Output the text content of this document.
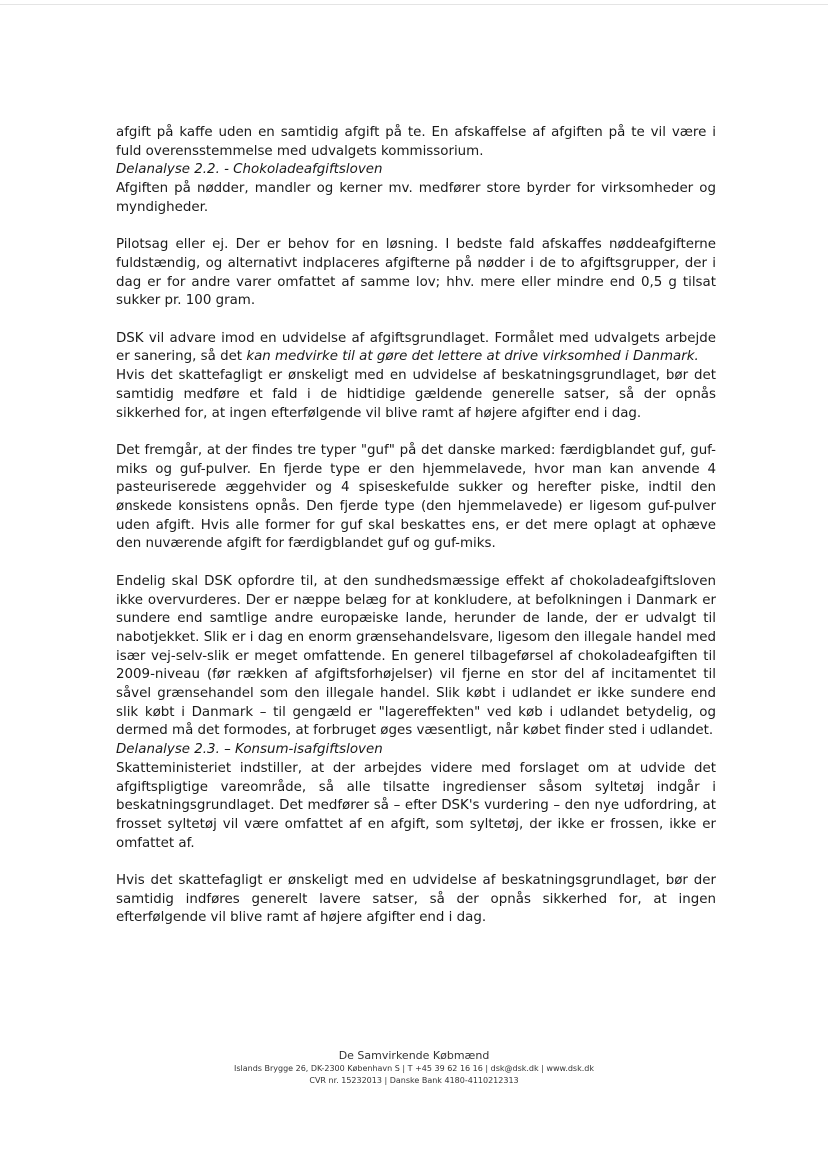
afgift på kaffe uden en samtidig afgift på te. En afskaffelse af afgiften på te vil være i fuld overensstemmelse med udvalgets kommissorium.

Delanalyse 2.2. - Chokoladeafgiftsloven

Afgiften på nødder, mandler og kerner mv. medfører store byrder for virksomheder og myndigheder.

Pilotsag eller ej. Der er behov for en løsning. I bedste fald afskaffes nøddeafgifterne fuldstændig, og alternativt indplaceres afgifterne på nødder i de to afgiftsgrupper, der i dag er for andre varer omfattet af samme lov; hhv. mere eller mindre end 0,5 g tilsat sukker pr. 100 gram.

DSK vil advare imod en udvidelse af afgiftsgrundlaget. Formålet med udvalgets arbejde er sanering, så det kan medvirke til at gøre det lettere at drive virksomhed i Danmark.

Hvis det skattefagligt er ønskeligt med en udvidelse af beskatningsgrundlaget, bør det samtidig medføre et fald i de hidtidige gældende generelle satser, så der opnås sikkerhed for, at ingen efterfølgende vil blive ramt af højere afgifter end i dag.

Det fremgår, at der findes tre typer "guf" på det danske marked: færdigblandet guf, guf-miks og guf-pulver. En fjerde type er den hjemmelavede, hvor man kan anvende 4 pasteuriserede æggehvider og 4 spiseskefulde sukker og herefter piske, indtil den ønskede konsistens opnås. Den fjerde type (den hjemmelavede) er ligesom guf-pulver uden afgift. Hvis alle former for guf skal beskattes ens, er det mere oplagt at ophæve den nuværende afgift for færdigblandet guf og guf-miks.

Endelig skal DSK opfordre til, at den sundhedsmæssige effekt af chokoladeafgiftsloven ikke overvurderes. Der er næppe belæg for at konkludere, at befolkningen i Danmark er sundere end samtlige andre europæiske lande, herunder de lande, der er udvalgt til nabotjekket. Slik er i dag en enorm grænsehandelsvare, ligesom den illegale handel med især vej-selv-slik er meget omfattende. En generel tilbageførsel af chokoladeafgiften til 2009-niveau (før rækken af afgiftsforhøjelser) vil fjerne en stor del af incitamentet til såvel grænsehandel som den illegale handel. Slik købt i udlandet er ikke sundere end slik købt i Danmark – til gengæld er "lagereffekten" ved køb i udlandet betydelig, og dermed må det formodes, at forbruget øges væsentligt, når købet finder sted i udlandet.

Delanalyse 2.3. – Konsum-isafgiftsloven

Skatteministeriet indstiller, at der arbejdes videre med forslaget om at udvide det afgiftspligtige vareområde, så alle tilsatte ingredienser såsom syltetøj indgår i beskatningsgrundlaget. Det medfører så – efter DSK's vurdering – den nye udfordring, at frosset syltetøj vil være omfattet af en afgift, som syltetøj, der ikke er frossen, ikke er omfattet af.

Hvis det skattefagligt er ønskeligt med en udvidelse af beskatningsgrundlaget, bør der samtidig indføres generelt lavere satser, så der opnås sikkerhed for, at ingen efterfølgende vil blive ramt af højere afgifter end i dag.

De Samvirkende Købmænd
Islands Brygge 26, DK-2300 København S | T +45 39 62 16 16 | dsk@dsk.dk | www.dsk.dk
CVR nr. 15232013 | Danske Bank 4180-4110212313
